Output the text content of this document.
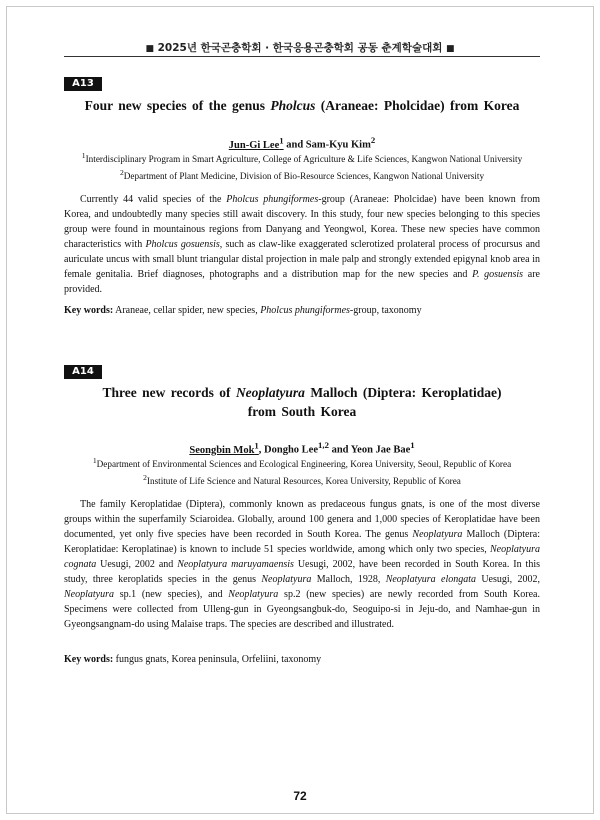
■ 2025년 한국곤충학회 · 한국응용곤충학회 공동 춘계학술대회 ■
A13
Four new species of the genus Pholcus (Araneae: Pholcidae) from Korea
Jun-Gi Lee$^1$ and Sam-Kyu Kim$^2$
$^1$Interdisciplinary Program in Smart Agriculture, College of Agriculture & Life Sciences, Kangwon National University
$^2$Department of Plant Medicine, Division of Bio-Resource Sciences, Kangwon National University
Currently 44 valid species of the Pholcus phungiformes-group (Araneae: Pholcidae) have been known from Korea, and undoubtedly many species still await discovery. In this study, four new species belonging to this species group were found in mountainous regions from Danyang and Yeongwol, Korea. These new species have common characteristics with Pholcus gosuensis, such as claw-like exaggerated sclerotized prolateral process of procursus and auriculate uncus with small blunt triangular distal projection in male palp and strongly extended epigynal knob area in female genitalia. Brief diagnoses, photographs and a distribution map for the new species and P. gosuensis are provided.
Key words: Araneae, cellar spider, new species, Pholcus phungiformes-group, taxonomy
A14
Three new records of Neoplatyura Malloch (Diptera: Keroplatidae)
from South Korea
Seongbin Mok$^1$, Dongho Lee$^{1,2}$ and Yeon Jae Bae$^1$
$^1$Department of Environmental Sciences and Ecological Engineering, Korea University, Seoul, Republic of Korea
$^2$Institute of Life Science and Natural Resources, Korea University, Republic of Korea
The family Keroplatidae (Diptera), commonly known as predaceous fungus gnats, is one of the most diverse groups within the superfamily Sciaroidea. Globally, around 100 genera and 1,000 species of Keroplatidae have been documented, yet only five species have been recorded in South Korea. The genus Neoplatyura Malloch (Diptera: Keroplatidae: Keroplatinae) is known to include 51 species worldwide, among which only two species, Neoplatyura cognata Uesugi, 2002 and Neoplatyura maruyamaensis Uesugi, 2002, have been recorded in South Korea. In this study, three keroplatids species in the genus Neoplatyura Malloch, 1928, Neoplatyura elongata Uesugi, 2002, Neoplatyura sp.1 (new species), and Neoplatyura sp.2 (new species) are newly recorded from South Korea. Specimens were collected from Ulleng-gun in Gyeongsangbuk-do, Seoguipo-si in Jeju-do, and Namhae-gun in Gyeongsangnam-do using Malaise traps. The species are described and illustrated.
Key words: fungus gnats, Korea peninsula, Orfeliini, taxonomy
72
